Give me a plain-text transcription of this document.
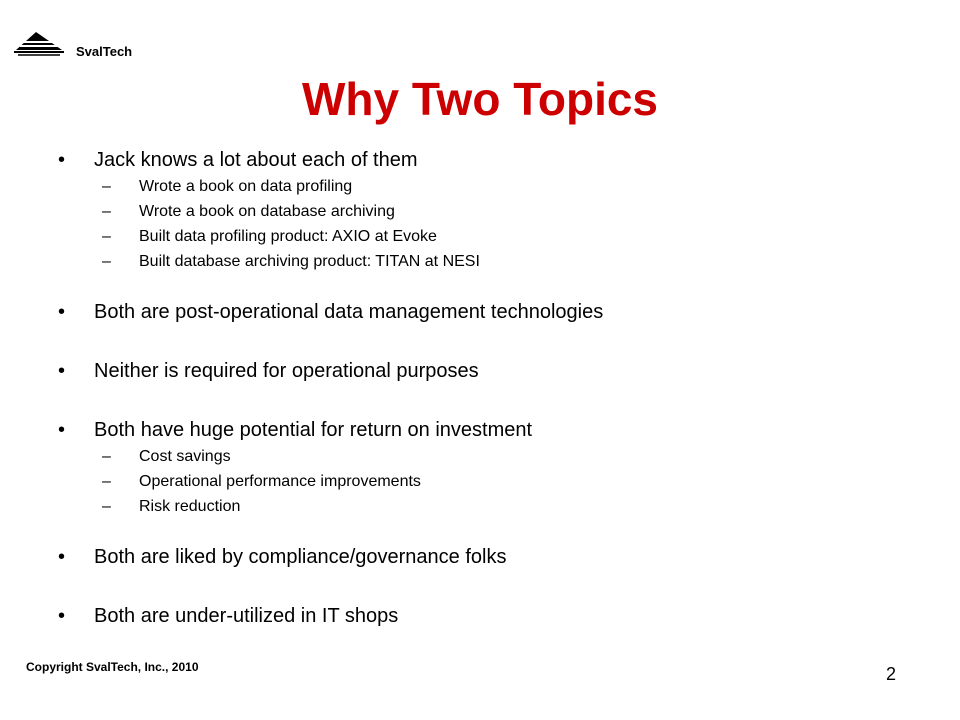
SvalTech
Why Two Topics
• Jack knows a lot about each of them
– Wrote a book on data profiling
– Wrote a book on database archiving
– Built data profiling product: AXIO at Evoke
– Built database archiving product: TITAN at NESI
• Both are post-operational data management technologies
• Neither is required for operational purposes
• Both have huge potential for return on investment
– Cost savings
– Operational performance improvements
– Risk reduction
• Both are liked by compliance/governance folks
• Both are under-utilized in IT shops
Copyright SvalTech, Inc., 2010	2
